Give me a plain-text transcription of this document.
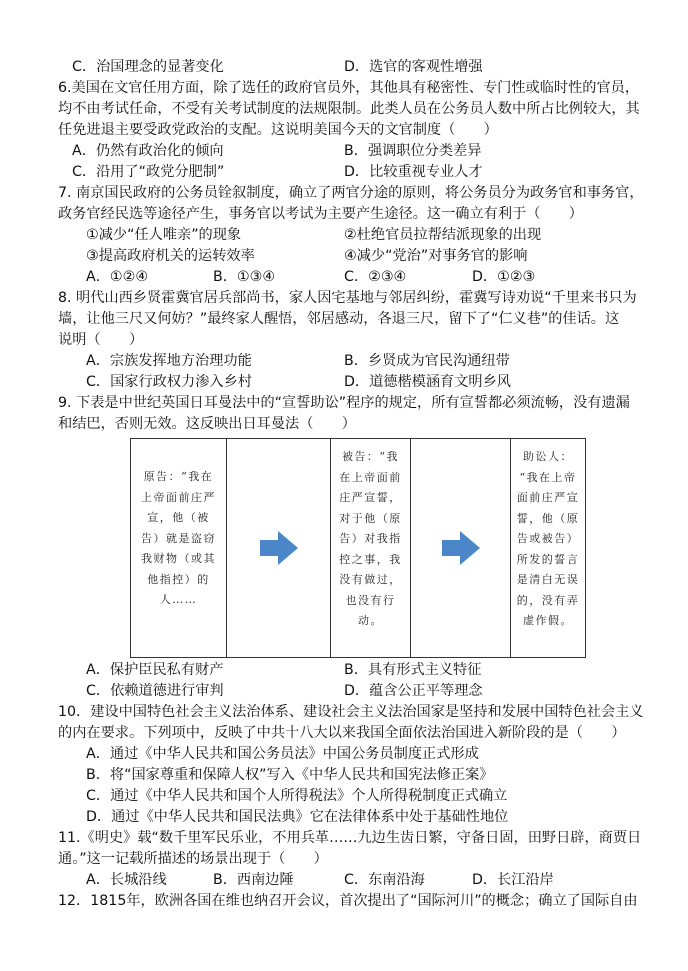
C．治国理念的显著变化	D．选官的客观性增强
6.美国在文官任用方面，除了选任的政府官员外，其他具有秘密性、专门性或临时性的官员，
均不由考试任命，不受有关考试制度的法规限制。此类人员在公务员人数中所占比例较大，其
任免进退主要受政党政治的支配。这说明美国今天的文官制度（　　）
A．仍然有政治化的倾向	B．强调职位分类差异
C．沿用了“政党分肥制”	D．比较重视专业人才
7. 南京国民政府的公务员铨叙制度，确立了两官分途的原则，将公务员分为政务官和事务官，
政务官经民选等途径产生，事务官以考试为主要产生途径。这一确立有利于（　　）
①减少“任人唯亲”的现象	②杜绝官员拉帮结派现象的出现
③提高政府机关的运转效率	④减少“党治”对事务官的影响
A．①②④	B．①③④	C．②③④	D．①②③
8. 明代山西乡贤霍冀官居兵部尚书，家人因宅基地与邻居纠纷，霍冀写诗劝说“千里来书只为
墙，让他三尺又何妨？”最终家人醒悟，邻居感动，各退三尺，留下了“仁义巷”的佳话。这
说明（　　）
A．宗族发挥地方治理功能	B．乡贤成为官民沟通纽带
C．国家行政权力渗入乡村	D．道德楷模涵育文明乡风
9. 下表是中世纪英国日耳曼法中的“宣誓助讼”程序的规定，所有宣誓都必须流畅，没有遗漏
和结巴，否则无效。这反映出日耳曼法（　　）
原告：“我在
上帝面前庄严
宣，他（被
告）就是盗窃
我财物（或其
他指控）的
人……
被告：“我
在上帝面前
庄严宣誓，
对于他（原
告）对我指
控之事，我
没有做过，
也没有行
动。
助讼人：
“我在上帝
面前庄严宣
誓，他（原
告或被告）
所发的誓言
是清白无误
的，没有弄
虚作假。
A．保护臣民私有财产	B．具有形式主义特征
C．依赖道德进行审判	D．蕴含公正平等理念
10．建设中国特色社会主义法治体系、建设社会主义法治国家是坚持和发展中国特色社会主义
的内在要求。下列项中，反映了中共十八大以来我国全面依法治国进入新阶段的是（　　）
A．通过《中华人民共和国公务员法》中国公务员制度正式形成
B．将“国家尊重和保障人权”写入《中华人民共和国宪法修正案》
C．通过《中华人民共和国个人所得税法》个人所得税制度正式确立
D．通过《中华人民共和国民法典》它在法律体系中处于基础性地位
11.《明史》载“数千里军民乐业，不用兵革……九边生齿日繁，守备日固，田野日辟，商贾日
通。”这一记载所描述的场景出现于（　　）
A．长城沿线	B．西南边陲	C．东南沿海	D．长江沿岸
12．1815年，欧洲各国在维也纳召开会议，首次提出了“国际河川”的概念；确立了国际自由
